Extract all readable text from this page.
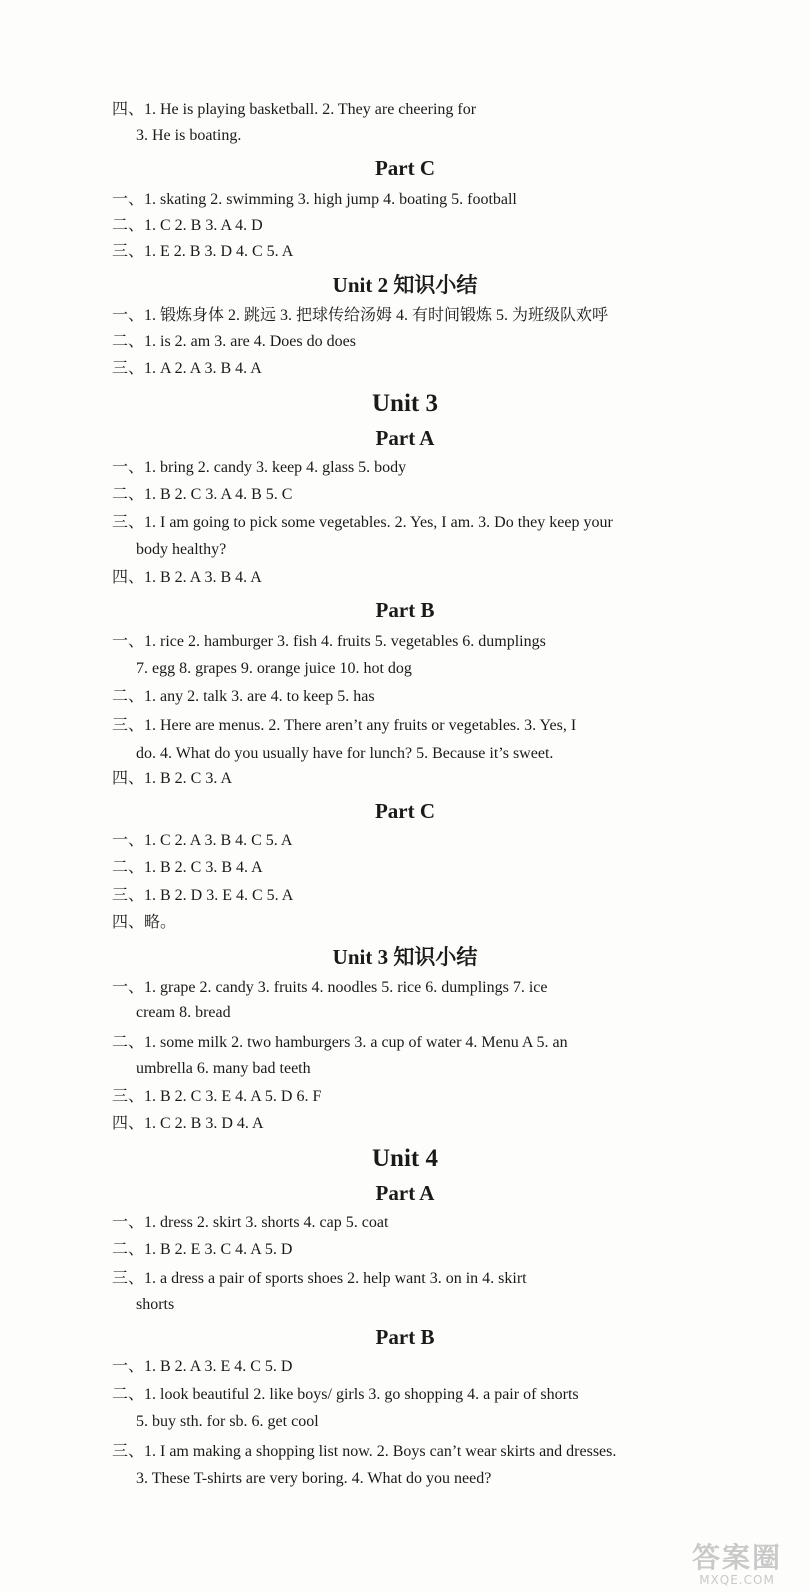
四、1. He is playing basketball. 2. They are cheering for

3. He is boating.

Part C

一、1. skating 2. swimming 3. high jump 4. boating 5. football

二、1. C 2. B 3. A 4. D

三、1. E 2. B 3. D 4. C 5. A

Unit 2 知识小结

一、1. 锻炼身体 2. 跳远 3. 把球传给汤姆 4. 有时间锻炼 5. 为班级队欢呼

二、1. is 2. am 3. are 4. Does do does

三、1. A 2. A 3. B 4. A

Unit 3

Part A

一、1. bring 2. candy 3. keep 4. glass 5. body

二、1. B 2. C 3. A 4. B 5. C

三、1. I am going to pick some vegetables. 2. Yes, I am. 3. Do they keep your

body healthy?

四、1. B 2. A 3. B 4. A

Part B

一、1. rice 2. hamburger 3. fish 4. fruits 5. vegetables 6. dumplings

7. egg 8. grapes 9. orange juice 10. hot dog

二、1. any 2. talk 3. are 4. to keep 5. has

三、1. Here are menus. 2. There aren’t any fruits or vegetables. 3. Yes, I

do. 4. What do you usually have for lunch? 5. Because it’s sweet.

四、1. B 2. C 3. A

Part C

一、1. C 2. A 3. B 4. C 5. A

二、1. B 2. C 3. B 4. A

三、1. B 2. D 3. E 4. C 5. A

四、略。

Unit 3 知识小结

一、1. grape 2. candy 3. fruits 4. noodles 5. rice 6. dumplings 7. ice

cream 8. bread

二、1. some milk 2. two hamburgers 3. a cup of water 4. Menu A 5. an

umbrella 6. many bad teeth

三、1. B 2. C 3. E 4. A 5. D 6. F

四、1. C 2. B 3. D 4. A

Unit 4

Part A

一、1. dress 2. skirt 3. shorts 4. cap 5. coat

二、1. B 2. E 3. C 4. A 5. D

三、1. a dress a pair of sports shoes 2. help want 3. on in 4. skirt

shorts

Part B

一、1. B 2. A 3. E 4. C 5. D

二、1. look beautiful 2. like boys/ girls 3. go shopping 4. a pair of shorts

5. buy sth. for sb. 6. get cool

三、1. I am making a shopping list now. 2. Boys can’t wear skirts and dresses.

3. These T-shirts are very boring. 4. What do you need?

答案圈
MXQE.COM
